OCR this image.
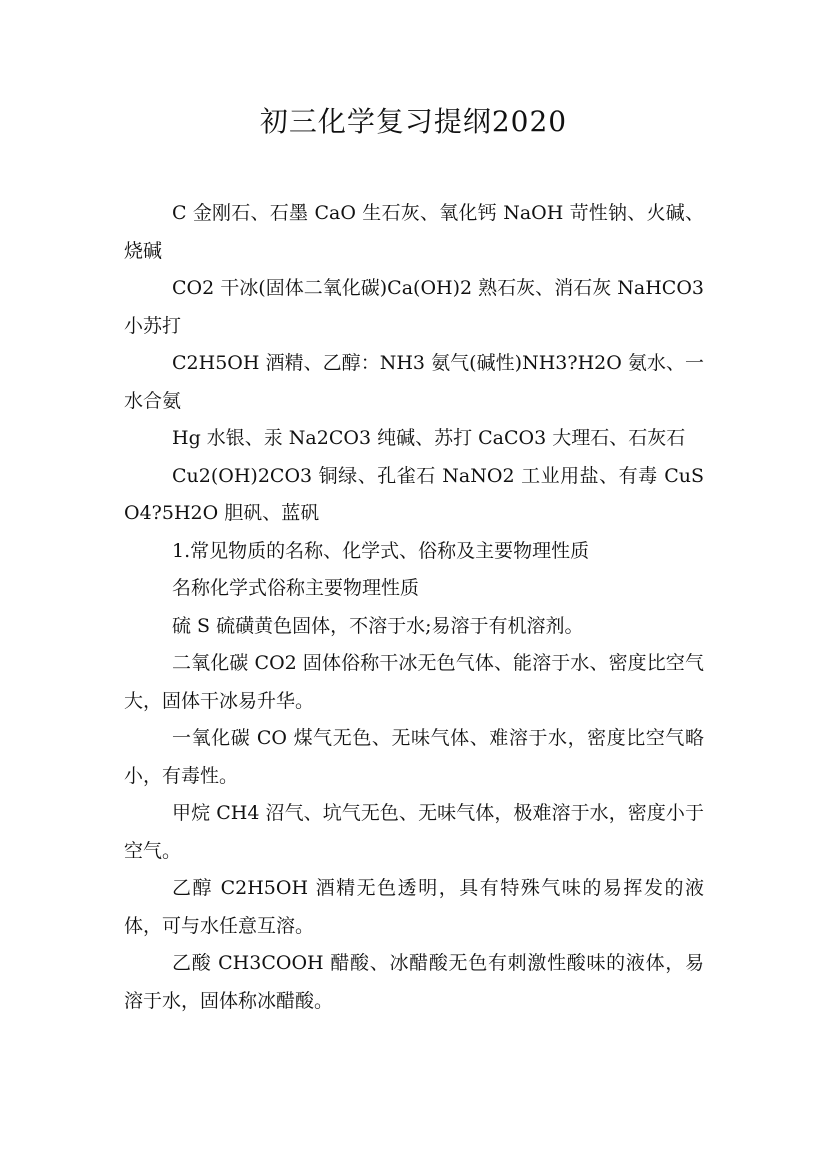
初三化学复习提纲2020

C 金刚石、石墨 CaO 生石灰、氧化钙 NaOH 苛性钠、火碱、烧碱

CO2 干冰(固体二氧化碳)Ca(OH)2 熟石灰、消石灰 NaHCO3 小苏打

C2H5OH 酒精、乙醇：NH3 氨气(碱性)NH3?H2O 氨水、一水合氨

Hg 水银、汞 Na2CO3 纯碱、苏打 CaCO3 大理石、石灰石

Cu2(OH)2CO3 铜绿、孔雀石 NaNO2 工业用盐、有毒 CuSO4?5H2O 胆矾、蓝矾

1.常见物质的名称、化学式、俗称及主要物理性质

名称化学式俗称主要物理性质

硫 S 硫磺黄色固体，不溶于水;易溶于有机溶剂。

二氧化碳 CO2 固体俗称干冰无色气体、能溶于水、密度比空气大，固体干冰易升华。

一氧化碳 CO 煤气无色、无味气体、难溶于水，密度比空气略小，有毒性。

甲烷 CH4 沼气、坑气无色、无味气体，极难溶于水，密度小于空气。

乙醇 C2H5OH 酒精无色透明，具有特殊气味的易挥发的液体，可与水任意互溶。

乙酸 CH3COOH 醋酸、冰醋酸无色有刺激性酸味的液体，易溶于水，固体称冰醋酸。
